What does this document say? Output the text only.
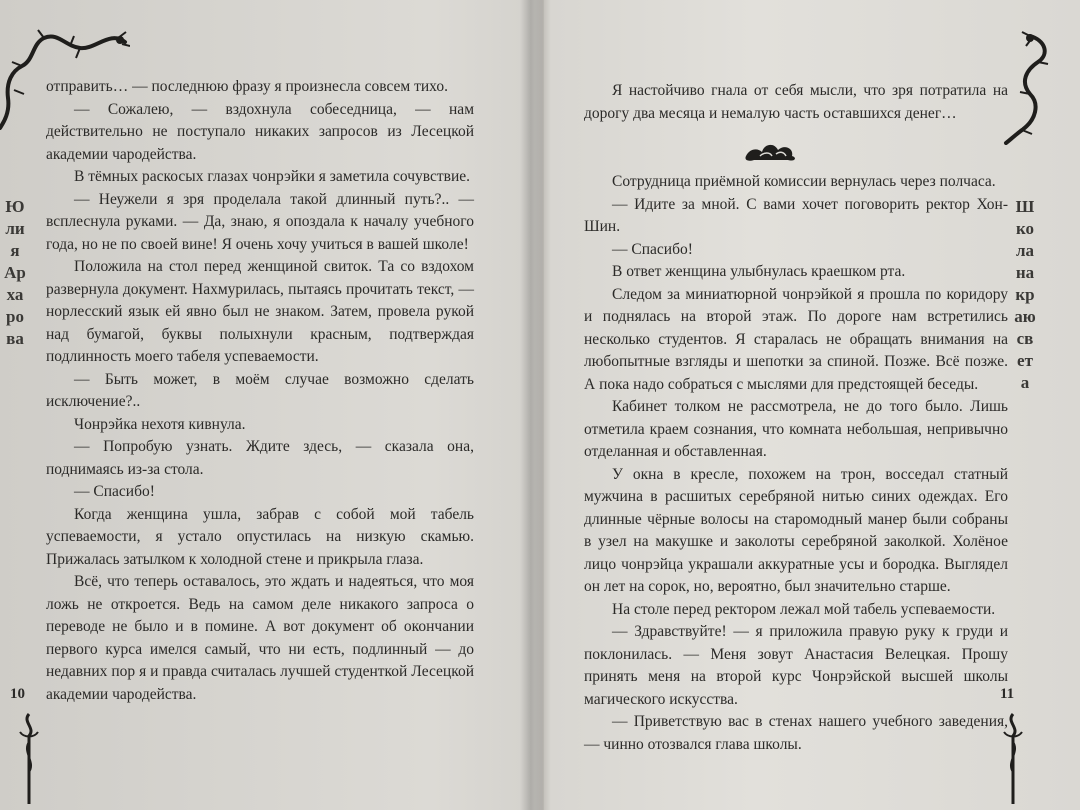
Юлия Архарова

отправить… — последнюю фразу я произнесла совсем тихо.

— Сожалею, — вздохнула собеседница, — нам действительно не поступало никаких запросов из Лесецкой академии чародейства.

В тёмных раскосых глазах чонрэйки я заметила сочувствие.

— Неужели я зря проделала такой длинный путь?.. — всплеснула руками. — Да, знаю, я опоздала к началу учебного года, но не по своей вине! Я очень хочу учиться в вашей школе!

Положила на стол перед женщиной свиток. Та со вздохом развернула документ. Нахмурилась, пытаясь прочитать текст, — норлесский язык ей явно был не знаком. Затем, провела рукой над бумагой, буквы полыхнули красным, подтверждая подлинность моего табеля успеваемости.

— Быть может, в моём случае возможно сделать исключение?..

Чонрэйка нехотя кивнула.

— Попробую узнать. Ждите здесь, — сказала она, поднимаясь из-за стола.

— Спасибо!

Когда женщина ушла, забрав с собой мой табель успеваемости, я устало опустилась на низкую скамью. Прижалась затылком к холодной стене и прикрыла глаза.

Всё, что теперь оставалось, это ждать и надеяться, что моя ложь не откроется. Ведь на самом деле никакого запроса о переводе не было и в помине. А вот документ об окончании первого курса имелся самый, что ни есть, подлинный — до недавних пор я и правда считалась лучшей студенткой Лесецкой академии чародейства.

10

Я настойчиво гнала от себя мысли, что зря потратила на дорогу два месяца и немалую часть оставшихся денег…

Сотрудница приёмной комиссии вернулась через полчаса.

— Идите за мной. С вами хочет поговорить ректор Хон-Шин.

— Спасибо!

В ответ женщина улыбнулась краешком рта.

Следом за миниатюрной чонрэйкой я прошла по коридору и поднялась на второй этаж. По дороге нам встретились несколько студентов. Я старалась не обращать внимания на любопытные взгляды и шепотки за спиной. Позже. Всё позже. А пока надо собраться с мыслями для предстоящей беседы.

Кабинет толком не рассмотрела, не до того было. Лишь отметила краем сознания, что комната небольшая, непривычно отделанная и обставленная.

У окна в кресле, похожем на трон, восседал статный мужчина в расшитых серебряной нитью синих одеждах. Его длинные чёрные волосы на старомодный манер были собраны в узел на макушке и заколоты серебряной заколкой. Холёное лицо чонрэйца украшали аккуратные усы и бородка. Выглядел он лет на сорок, но, вероятно, был значительно старше.

На столе перед ректором лежал мой табель успеваемости.

— Здравствуйте! — я приложила правую руку к груди и поклонилась. — Меня зовут Анастасия Велецкая. Прошу принять меня на второй курс Чонрэйской высшей школы магического искусства.

— Приветствую вас в стенах нашего учебного заведения, — чинно отозвался глава школы.

Школа на краю света
11
